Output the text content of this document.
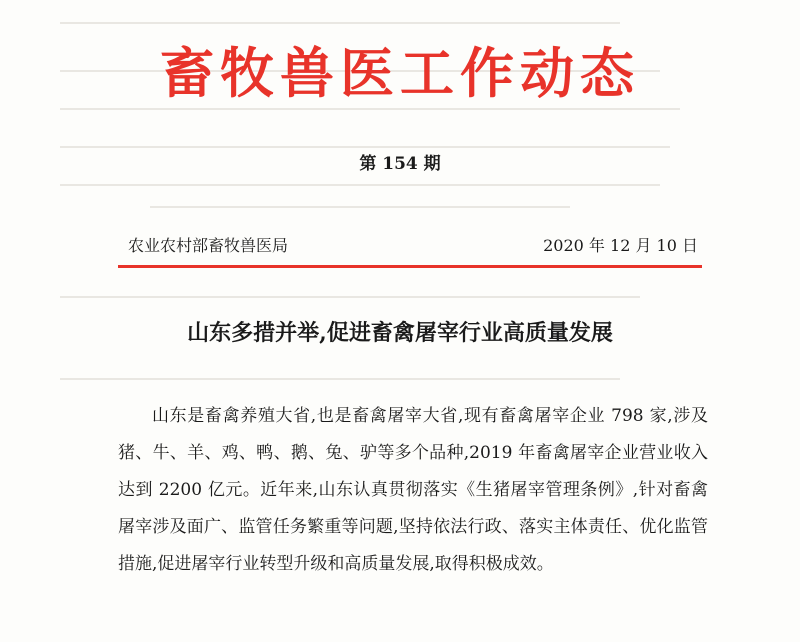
畜牧兽医工作动态
第 154 期
农业农村部畜牧兽医局	2020 年 12 月 10 日
山东多措并举,促进畜禽屠宰行业高质量发展

山东是畜禽养殖大省,也是畜禽屠宰大省,现有畜禽屠宰企业 798 家,涉及猪、牛、羊、鸡、鸭、鹅、兔、驴等多个品种,2019 年畜禽屠宰企业营业收入达到 2200 亿元。近年来,山东认真贯彻落实《生猪屠宰管理条例》,针对畜禽屠宰涉及面广、监管任务繁重等问题,坚持依法行政、落实主体责任、优化监管措施,促进屠宰行业转型升级和高质量发展,取得积极成效。
